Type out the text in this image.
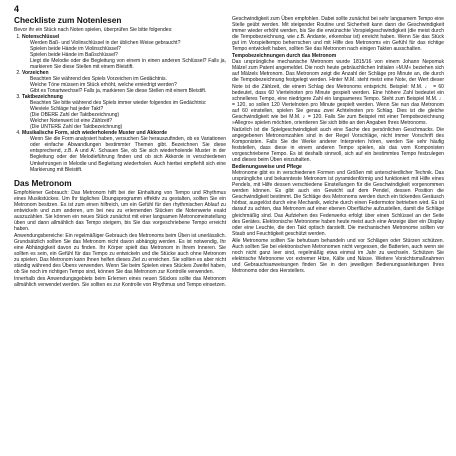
4
Checkliste zum Notenlesen

Bevor ihr ein Stück nach Noten spielen, überprüfen Sie bitte folgendes:

1. Notenschlüssel
Werden Baß- und Violinschlüssel in der üblichen Weise gebraucht?
Spielen beide Hände im Violinschlüssel?
Spielen beide Hände im Baßschlüssel?
Liegt die Melodie oder die Begleitung von einem in einen anderen Schlüssel? Falls ja, markieren Sie diese Stellen mit einem Bleistift.
2. Vorzeichen
Beachten Sie während des Spiels Vorzeichen im Gedächtnis.
Welche Töne müssen im Stück erhöht, welche erniedrigt werden?
Gibt es Tonartwechsel? Falls ja, markieren Sie diese Stellen mit einem Bleistift.
3. Taktbezeichnung
Beachten Sie bitte während des Spiels immer wieder folgendes im Gedächtnis:
Wieviele Schläge hat jeder Takt?
(Die OBERE Zahl der Taktbezeichnung)
Welcher Notenwert ist eine Zählzeit?
(Die UNTERE Zahl der Taktbezeichnung)
4. Musikalische Form, sich wiederholende Muster und Akkorde
Wenn Sie die Form analysiert haben, versuchen Sie herauszufinden, ob es Variationen oder einfache Abwandlungen bestimmter Themen gibt. Bezeichnen Sie diese entsprechend, z.B. A und A'. Schauen Sie, ob Sie sich wiederholende Muster in der Begleitung oder der Melodieführung finden und ob sich Akkorde in verschiedenen Umkehrungen in Melodie und Begleitung wiederholen. Auch hierbei empfiehlt sich eine Markierung mit Bleistift.
Das Metronom

Empfohlener Gebrauch: Das Metronom hilft bei der Einhaltung von Tempo und Rhythmus eines Musikstückes. Um Ihr tägliches Übungsprogramm effektiv zu gestalten, sollten Sie ein Metronom besitzen. Es ist zum einen hilfreich, um ein Gefühl für den rhythmischen Ablauf zu entwickeln und zum anderen, um bei neu zu erlernenden Stücken die Notenwerte exakt auszuzählen. Sie können ein neues Stück zunächst mit einer langsamen Metronomeinstellung üben und dann allmählich das Tempo steigern, bis Sie das vorgeschriebene Tempo erreicht haben.

Anwendungsbereiche: Ein regelmäßiger Gebrauch des Metronoms beim Üben ist unerlässlich. Grundsätzlich sollten Sie das Metronom nicht davon abhängig werden. Es ist notwendig, Ihr eine Abhängigkeit davon zu finden. Ihr Körper spielt das Metronom in Ihrem Inneren. Sie sollten es sein, ein Gefühl für das Tempo zu entwickeln und die Stücke auch ohne Metronom zu spielen. Das Metronom kann Ihnen helfen dieses Ziel zu erreichen. Sie sollten es aber nicht ständig während des Übens verwenden. Wenn Sie beim Spielen eines Stückes Zweifel haben, ob Sie noch im richtigen Tempo sind, können Sie das Metronom zur Kontrolle verwenden.

Innerhalb des Anwendungsgebiets beim Erlernen eines neuen Stückes sollte das Metronom allmählich verwendet werden. Sie sollten es zur Kontrolle von Rhythmus und Tempo einsetzen.

Geschwindigkeit zum Üben empfohlen. Dabei sollte zunächst bei sehr langsamem Tempo eine Stelle geübt werden. Mit steigender Routine und Sicherheit kann dann die Geschwindigkeit immer wieder erhöht werden, bis Sie die erwünschte Vorspielgeschwindigkeit (die meist durch die Tempobezeichnung, wie z.B. Andante, erkennbar ist) erreicht haben. Wenn Sie das Stück gut im Vorspieltempo beherrschen und mit Hilfe des Metronoms ein Gefühl für das richtige Tempo entwickelt haben, sollten Sie das Metronom nach einigen Takten ausschalten.

Tempobezeichnungen durch das Metronom

Das ursprüngliche mechanische Metronom wurde 1815/16 von einem Johann Nepomuk Mälzel zum Patent angemeldet. Die noch heute gebräuchlichen Initialen »M.M« beziehen sich auf Mälzels Metronom. Das Metronom zeigt die Anzahl der Schläge pro Minute an, die durch die Tempobezeichnung festgelegt werden. Hinter M.M. steht meist eine Note, der Wert dieser Note ist die Zählzeit, die einem Schlag des Metronoms entspricht. Beispiel: M.M. ♩ = 60 bedeutet, dass 60 Viertelnoten pro Minute gespielt werden. Eine höhere Zahl bedeutet ein schnelleres Tempo, eine niedrigere Zahl ein langsameres Tempo. Steht zum Beispiel M.M. ♩ = 120, so sollen 120 Viertelnoten pro Minute gespielt werden. Wenn Sie nun das Metronom auf 60 einstellen, spielen Sie genau zwei Achtelnoten pro Schlag. Dies ist die gleiche Geschwindigkeit wie bei M.M. ♪ = 120. Falls Sie zum Beispiel mit einer Tempobezeichnung »Allegro« spielen möchten, orientieren Sie sich bitte an den Angaben Ihres Metronoms.

Natürlich ist die Spielgeschwindigkeit auch eine Sache des persönlichen Geschmacks. Die angegebenen Metronomzahlen sind in der Regel Vorschläge, nicht immer Vorschrift des Komponisten. Falls Sie die Werke anderer Interpreten hören, werden Sie sehr häufig feststellen, dass diese in einem anderen Tempo spielen, als das vom Komponisten vorgeschriebene Tempo. Es ist deshalb sinnvoll, sich auf ein bestimmtes Tempo festzulegen und dieses beim Üben einzuhalten.

Bedienungsweise und Pflege

Metronome gibt es in verschiedenen Formen und Größen mit unterschiedlicher Technik. Das ursprüngliche und bekannteste Metronom ist pyramidenförmig und funktioniert mit Hilfe eines Pendels, mit Hilfe dessen verschiedene Einstellungen für die Geschwindigkeit vorgenommen werden können. Es gibt auch ein Gewicht auf dem Pendel, dessen Position die Geschwindigkeit bestimmt. Die Schläge des Metronoms werden durch ein tickendes Geräusch hörbar, ausgelöst durch eine Mechanik, welche durch einen Federmotor betrieben wird. Es ist darauf zu achten, das Metronom auf einer ebenen Oberfläche aufzustellen, damit die Schläge gleichmäßig sind. Das Aufziehen des Federwerks erfolgt über einen Schlüssel an der Seite des Gerätes. Elektronische Metronome haben heute meist auch eine Anzeige über ein Display oder eine Leuchte, die den Takt optisch darstellt. Die mechanischen Metronome sollten vor Staub und Feuchtigkeit geschützt werden.

Alle Metronome sollten Sie behutsam behandeln und vor Schlägen oder Stürzen schützen. Auch sollten Sie bei elektronischen Metronomen nicht vergessen, die Batterien, auch wenn sie noch nicht ganz leer sind, regelmäßig etwa einmal im Jahr zu wechseln. Schützen Sie elektrische Metronome vor extremer Hitze, Kälte und Nässe. Weitere Vorsichtsmaßnahmen und Gebrauchsanweisungen finden Sie in den jeweiligen Bedienungsanleitungen Ihres Metronoms oder des Herstellers.
